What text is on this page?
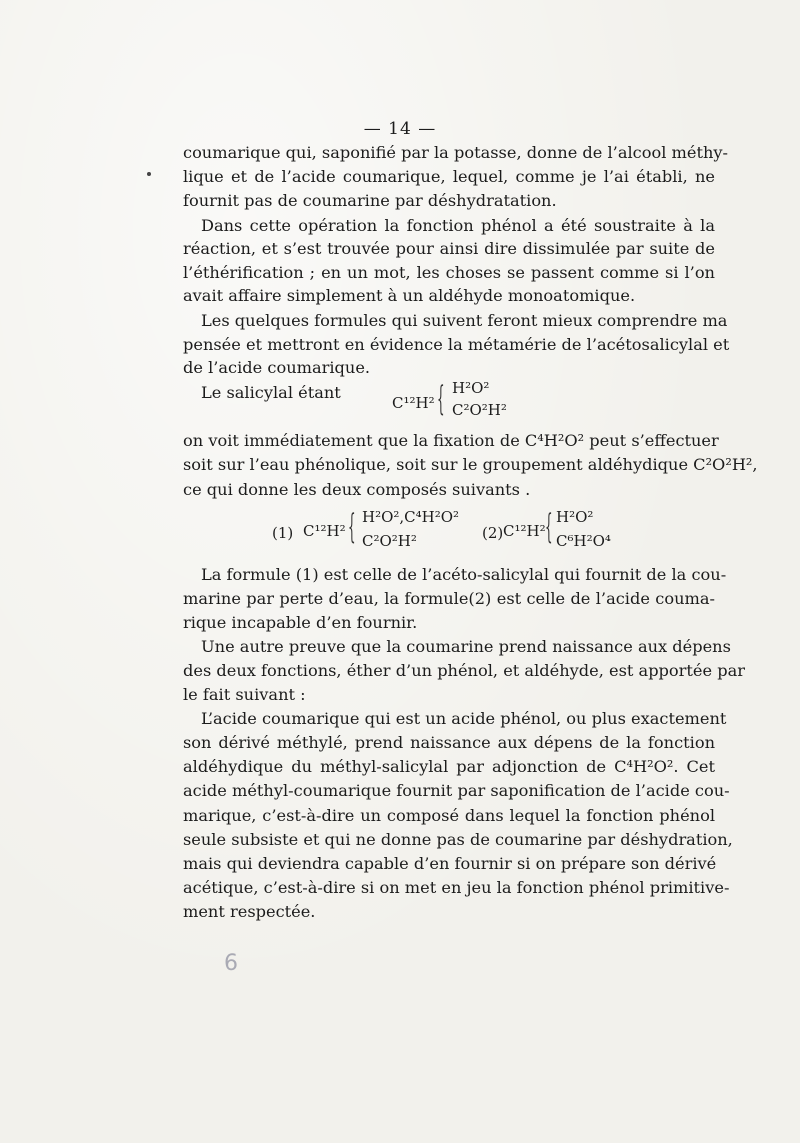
— 14 —
coumarique qui, saponifié par la potasse, donne de l’alcool méthy-
lique et de l’acide coumarique, lequel, comme je l’ai établi, ne
fournit pas de coumarine par déshydratation.
Dans cette opération la fonction phénol a été soustraite à la
réaction, et s’est trouvée pour ainsi dire dissimulée par suite de
l’éthérification ; en un mot, les choses se passent comme si l’on
avait affaire simplement à un aldéhyde monoatomique.
Les quelques formules qui suivent feront mieux comprendre ma
pensée et mettront en évidence la métamérie de l’acétosalicylal et
de l’acide coumarique.
Le salicylal étant
C¹²H² { H²O²
C²O²H²
on voit immédiatement que la fixation de C⁴H²O² peut s’effectuer
soit sur l’eau phénolique, soit sur le groupement aldéhydique C²O²H²,
ce qui donne les deux composés suivants .
(1) C¹²H² { H²O²,C⁴H²O²
C²O²H²	(2) C¹²H² { H²O²
C⁶H²O⁴
La formule (1) est celle de l’acéto-salicylal qui fournit de la cou-
marine par perte d’eau, la formule(2) est celle de l’acide couma-
rique incapable d’en fournir.
Une autre preuve que la coumarine prend naissance aux dépens
des deux fonctions, éther d’un phénol, et aldéhyde, est apportée par
le fait suivant :
L’acide coumarique qui est un acide phénol, ou plus exactement
son dérivé méthylé, prend naissance aux dépens de la fonction
aldéhydique du méthyl-salicylal par adjonction de C⁴H²O². Cet
acide méthyl-coumarique fournit par saponification de l’acide cou-
marique, c’est-à-dire un composé dans lequel la fonction phénol
seule subsiste et qui ne donne pas de coumarine par déshydration,
mais qui deviendra capable d’en fournir si on prépare son dérivé
acétique, c’est-à-dire si on met en jeu la fonction phénol primitive-
ment respectée.
6
